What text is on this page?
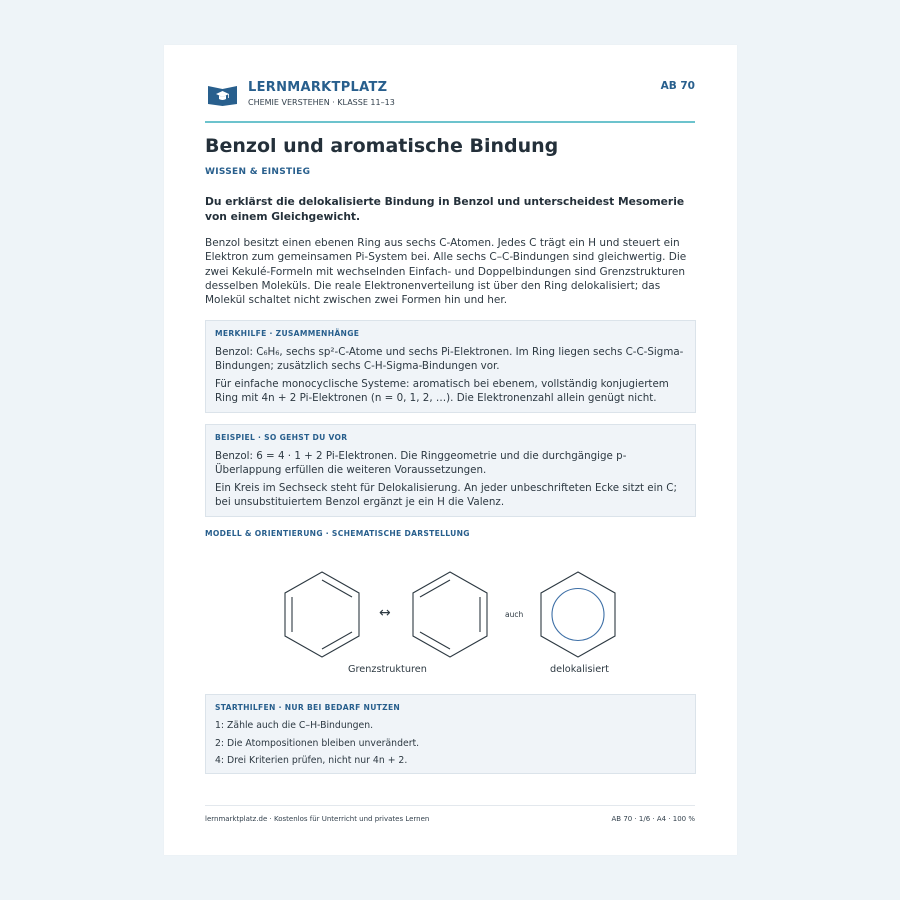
LERNMARKTPLATZ
CHEMIE VERSTEHEN · KLASSE 11–13
AB 70
Benzol und aromatische Bindung
WISSEN & EINSTIEG
Du erklärst die delokalisierte Bindung in Benzol und unterscheidest Mesomerie von einem Gleichgewicht.
Benzol besitzt einen ebenen Ring aus sechs C-Atomen. Jedes C trägt ein H und steuert ein Elektron zum gemeinsamen Pi-System bei. Alle sechs C–C-Bindungen sind gleichwertig. Die zwei Kekulé-Formeln mit wechselnden Einfach- und Doppelbindungen sind Grenzstrukturen desselben Moleküls. Die reale Elektronenverteilung ist über den Ring delokalisiert; das Molekül schaltet nicht zwischen zwei Formen hin und her.
MERKHILFE · ZUSAMMENHÄNGE

Benzol: C₆H₆, sechs sp²-C-Atome und sechs Pi-Elektronen. Im Ring liegen sechs C-C-Sigma-Bindungen; zusätzlich sechs C-H-Sigma-Bindungen vor.

Für einfache monocyclische Systeme: aromatisch bei ebenem, vollständig konjugiertem Ring mit 4n + 2 Pi-Elektronen (n = 0, 1, 2, …). Die Elektronenzahl allein genügt nicht.

BEISPIEL · SO GEHST DU VOR

Benzol: 6 = 4 · 1 + 2 Pi-Elektronen. Die Ringgeometrie und die durchgängige p-Überlappung erfüllen die weiteren Voraussetzungen.

Ein Kreis im Sechseck steht für Delokalisierung. An jeder unbeschrifteten Ecke sitzt ein C; bei unsubstituiertem Benzol ergänzt je ein H die Valenz.

MODELL & ORIENTIERUNG · SCHEMATISCHE DARSTELLUNG
↔	auch
Grenzstrukturen	delokalisiert
STARTHILFEN · NUR BEI BEDARF NUTZEN

1: Zähle auch die C–H-Bindungen.

2: Die Atompositionen bleiben unverändert.

4: Drei Kriterien prüfen, nicht nur 4n + 2.

lernmarktplatz.de · Kostenlos für Unterricht und privates Lernen	AB 70 · 1/6 · A4 · 100 %
